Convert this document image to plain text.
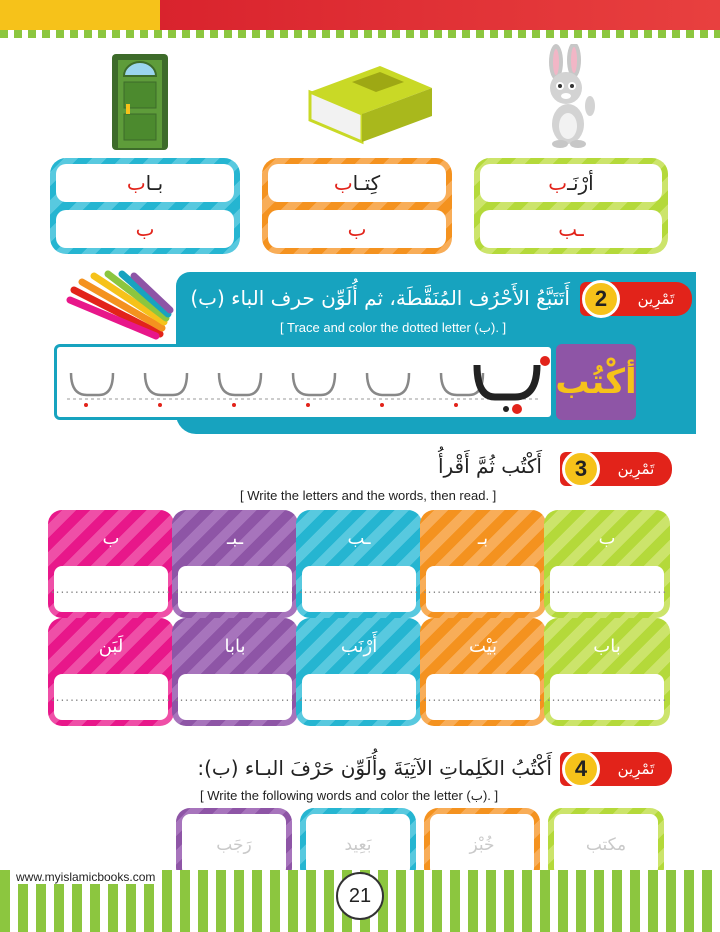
بـا
ب
ب
كِتـا
ب
ب
أرْنَـ
ب
ـب
2	تَمْرِين
أَتَتَبَّعُ الأَحْرُف المُنَقَّطَة، ثم أُلَوِّن حرف الباء (ب)
[ Trace and color the dotted letter (ب). ]
أكْتُب
3	تَمْرِين
أَكْتُب ثُمَّ أَقْرأُ
[ Write the letters and the words, then read. ]
ب
.........................
ـبـ
.........................
ـب
.........................
بـ
.........................
ب
.........................
لَبَن
.........................
بابا
.........................
أَرْنَب
.........................
بَيْت
.........................
باب
.........................
4	تَمْرِين
أَكْتُبُ الكَلِماتِ الآتِيَةَ وأُلَوِّن حَرْفَ البـاء (ب):
[ Write the following words and color the letter (ب). ]
رَجَب	بَعِيد	خُبْز	مكتب
www.myislamicbooks.com
21
